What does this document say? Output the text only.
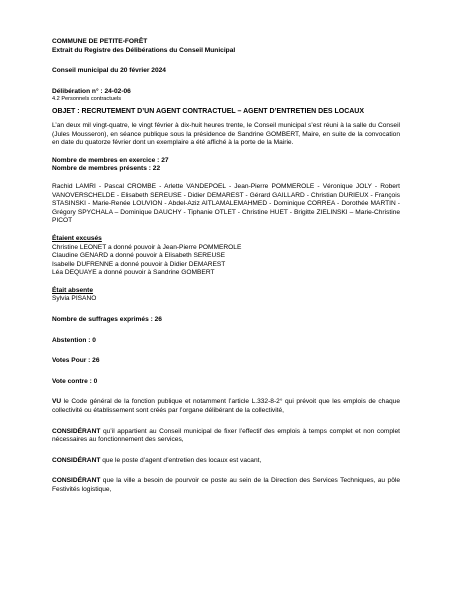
COMMUNE DE PETITE-FORÊT

Extrait du Registre des Délibérations du Conseil Municipal

Conseil municipal du 20 février 2024

Délibération n° : 24-02-06

4.2 Personnels contractuels

OBJET : RECRUTEMENT D’UN AGENT CONTRACTUEL – AGENT D’ENTRETIEN DES LOCAUX

L’an deux mil vingt-quatre, le vingt février à dix-huit heures trente, le Conseil municipal s’est réuni à la salle du Conseil (Jules Mousseron), en séance publique sous la présidence de Sandrine GOMBERT, Maire, en suite de la convocation en date du quatorze février dont un exemplaire a été affiché à la porte de la Mairie.

Nombre de membres en exercice : 27

Nombre de membres présents : 22

Rachid LAMRI - Pascal CROMBE - Arlette VANDEPOEL - Jean-Pierre POMMEROLE - Véronique JOLY - Robert VANOVERSCHELDE - Elisabeth SEREUSE - Didier DEMAREST - Gérard GAILLARD - Christian DURIEUX - François STASINSKI - Marie-Renée LOUVION - Abdel-Aziz AITLAMALEMAHMED - Dominique CORREA - Dorothée MARTIN - Grégory SPYCHALA – Dominique DAUCHY - Tiphanie OTLET - Christine HUET - Brigitte ZIELINSKI – Marie-Christine PICOT

Étaient excusés

Christine LEONET a donné pouvoir à Jean-Pierre POMMEROLE

Claudine GENARD a donné pouvoir à Elisabeth SEREUSE

Isabelle DUFRENNE a donné pouvoir à Didier DEMAREST

Léa DEQUAYE a donné pouvoir à Sandrine GOMBERT

Était absente

Sylvia PISANO

Nombre de suffrages exprimés : 26

Abstention : 0

Votes Pour : 26

Vote contre : 0

VU le Code général de la fonction publique et notamment l’article L.332-8-2° qui prévoit que les emplois de chaque collectivité ou établissement sont créés par l’organe délibérant de la collectivité,

CONSIDÉRANT qu’il appartient au Conseil municipal de fixer l’effectif des emplois à temps complet et non complet nécessaires au fonctionnement des services,

CONSIDÉRANT que le poste d’agent d’entretien des locaux est vacant,

CONSIDÉRANT que la ville a besoin de pourvoir ce poste au sein de la Direction des Services Techniques, au pôle Festivités logistique,
